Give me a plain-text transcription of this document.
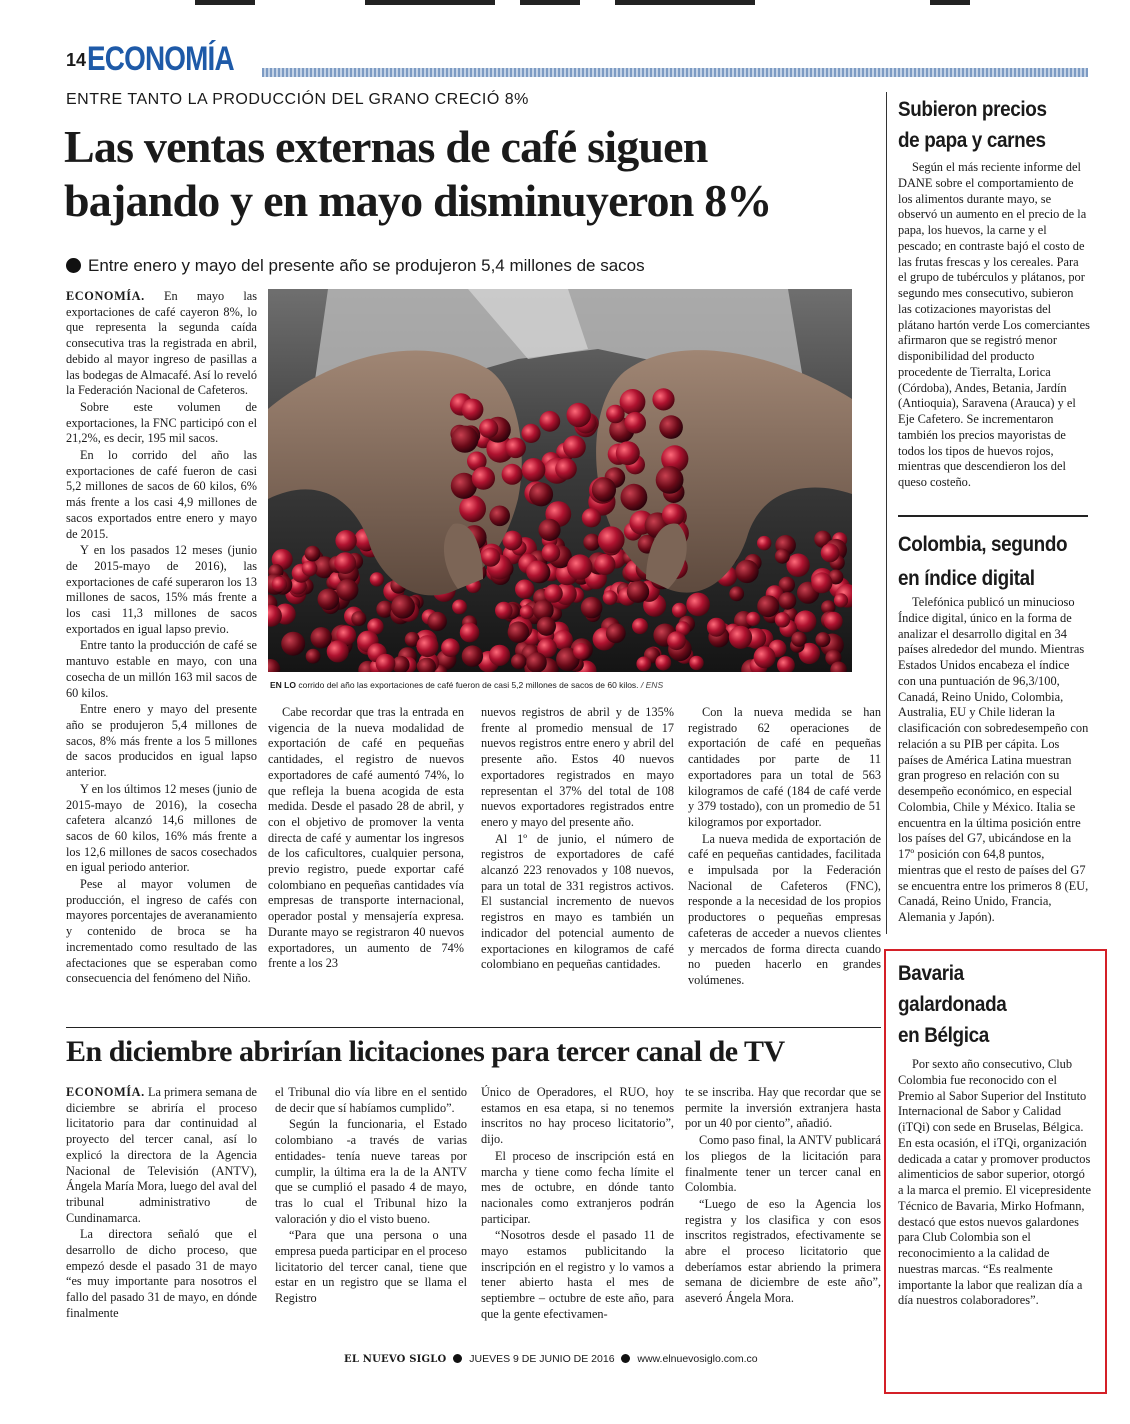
14 ECONOMÍA
ENTRE TANTO LA PRODUCCIÓN DEL GRANO CRECIÓ 8%
Las ventas externas de café siguen
bajando y en mayo disminuyeron 8%
Entre enero y mayo del presente año se produjeron 5,4 millones de sacos

ECONOMÍA. En mayo las exportaciones de café cayeron 8%, lo que representa la segunda caída consecutiva tras la registrada en abril, debido al mayor ingreso de pasillas a las bodegas de Almacafé. Así lo reveló la Federación Nacional de Cafeteros.

Sobre este volumen de exportaciones, la FNC participó con el 21,2%, es decir, 195 mil sacos.

En lo corrido del año las exportaciones de café fueron de casi 5,2 millones de sacos de 60 kilos, 6% más frente a los casi 4,9 millones de sacos exportados entre enero y mayo de 2015.

Y en los pasados 12 meses (junio de 2015-mayo de 2016), las exportaciones de café superaron los 13 millones de sacos, 15% más frente a los casi 11,3 millones de sacos exportados en igual lapso previo.

Entre tanto la producción de café se mantuvo estable en mayo, con una cosecha de un millón 163 mil sacos de 60 kilos.

Entre enero y mayo del presente año se produjeron 5,4 millones de sacos, 8% más frente a los 5 millones de sacos producidos en igual lapso anterior.

Y en los últimos 12 meses (junio de 2015-mayo de 2016), la cosecha cafetera alcanzó 14,6 millones de sacos de 60 kilos, 16% más frente a los 12,6 millones de sacos cosechados en igual periodo anterior.

Pese al mayor volumen de producción, el ingreso de cafés con mayores porcentajes de averanamiento y contenido de broca se ha incrementado como resultado de las afectaciones que se esperaban como consecuencia del fenómeno del Niño.

EN LO corrido del año las exportaciones de café fueron de casi 5,2 millones de sacos de 60 kilos. / ENS

Cabe recordar que tras la entrada en vigencia de la nueva modalidad de exportación de café en pequeñas cantidades, el registro de nuevos exportadores de café aumentó 74%, lo que refleja la buena acogida de esta medida. Desde el pasado 28 de abril, y con el objetivo de promover la venta directa de café y aumentar los ingresos de los caficultores, cualquier persona, previo registro, puede exportar café colombiano en pequeñas cantidades vía empresas de transporte internacional, operador postal y mensajería expresa. Durante mayo se registraron 40 nuevos exportadores, un aumento de 74% frente a los 23

nuevos registros de abril y de 135% frente al promedio mensual de 17 nuevos registros entre enero y abril del presente año. Estos 40 nuevos exportadores registrados en mayo representan el 37% del total de 108 nuevos exportadores registrados entre enero y mayo del presente año.

Al 1º de junio, el número de registros de exportadores de café alcanzó 223 renovados y 108 nuevos, para un total de 331 registros activos. El sustancial incremento de nuevos registros en mayo es también un indicador del potencial aumento de exportaciones en kilogramos de café colombiano en pequeñas cantidades.

Con la nueva medida se han registrado 62 operaciones de exportación de café en pequeñas cantidades por parte de 11 exportadores para un total de 563 kilogramos de café (184 de café verde y 379 tostado), con un promedio de 51 kilogramos por exportador.

La nueva medida de exportación de café en pequeñas cantidades, facilitada e impulsada por la Federación Nacional de Cafeteros (FNC), responde a la necesidad de los propios productores o pequeñas empresas cafeteras de acceder a nuevos clientes y mercados de forma directa cuando no pueden hacerlo en grandes volúmenes.

En diciembre abrirían licitaciones para tercer canal de TV

ECONOMÍA. La primera semana de diciembre se abriría el proceso licitatorio para dar continuidad al proyecto del tercer canal, así lo explicó la directora de la Agencia Nacional de Televisión (ANTV), Ángela María Mora, luego del aval del tribunal administrativo de Cundinamarca.

La directora señaló que el desarrollo de dicho proceso, que empezó desde el pasado 31 de mayo “es muy importante para nosotros el fallo del pasado 31 de mayo, en dónde finalmente

el Tribunal dio vía libre en el sentido de decir que sí habíamos cumplido”.

Según la funcionaria, el Estado colombiano -a través de varias entidades- tenía nueve tareas por cumplir, la última era la de la ANTV que se cumplió el pasado 4 de mayo, tras lo cual el Tribunal hizo la valoración y dio el visto bueno.

“Para que una persona o una empresa pueda participar en el proceso licitatorio del tercer canal, tiene que estar en un registro que se llama el Registro

Único de Operadores, el RUO, hoy estamos en esa etapa, si no tenemos inscritos no hay proceso licitatorio”, dijo.

El proceso de inscripción está en marcha y tiene como fecha límite el mes de octubre, en dónde tanto nacionales como extranjeros podrán participar.

“Nosotros desde el pasado 11 de mayo estamos publicitando la inscripción en el registro y lo vamos a tener abierto hasta el mes de septiembre – octubre de este año, para que la gente efectivamen-

te se inscriba. Hay que recordar que se permite la inversión extranjera hasta por un 40 por ciento”, añadió.

Como paso final, la ANTV publicará los pliegos de la licitación para finalmente tener un tercer canal en Colombia.

“Luego de eso la Agencia los registra y los clasifica y con esos inscritos registrados, efectivamente se abre el proceso licitatorio que deberíamos estar abriendo la primera semana de diciembre de este año”, aseveró Ángela Mora.

Subieron precios
de papa y carnes

Según el más reciente informe del DANE sobre el comportamiento de los alimentos durante mayo, se observó un aumento en el precio de la papa, los huevos, la carne y el pescado; en contraste bajó el costo de las frutas frescas y los cereales. Para el grupo de tubérculos y plátanos, por segundo mes consecutivo, subieron las cotizaciones mayoristas del plátano hartón verde Los comerciantes afirmaron que se registró menor disponibilidad del producto procedente de Tierralta, Lorica (Córdoba), Andes, Betania, Jardín (Antioquia), Saravena (Arauca) y el Eje Cafetero. Se incrementaron también los precios mayoristas de todos los tipos de huevos rojos, mientras que descendieron los del queso costeño.

Colombia, segundo
en índice digital

Telefónica publicó un minucioso Índice digital, único en la forma de analizar el desarrollo digital en 34 países alrededor del mundo. Mientras Estados Unidos encabeza el índice con una puntuación de 96,3/100, Canadá, Reino Unido, Colombia, Australia, EU y Chile lideran la clasificación con sobredesempeño con relación a su PIB per cápita. Los países de América Latina muestran gran progreso en relación con su desempeño económico, en especial Colombia, Chile y México. Italia se encuentra en la última posición entre los países del G7, ubicándose en la 17º posición con 64,8 puntos, mientras que el resto de países del G7 se encuentra entre los primeros 8 (EU, Canadá, Reino Unido, Francia, Alemania y Japón).

Bavaria
galardonada
en Bélgica

Por sexto año consecutivo, Club Colombia fue reconocido con el Premio al Sabor Superior del Instituto Internacional de Sabor y Calidad (iTQi) con sede en Bruselas, Bélgica. En esta ocasión, el iTQi, organización dedicada a catar y promover productos alimenticios de sabor superior, otorgó a la marca el premio. El vicepresidente Técnico de Bavaria, Mirko Hofmann, destacó que estos nuevos galardones para Club Colombia son el reconocimiento a la calidad de nuestras marcas. “Es realmente importante la labor que realizan día a día nuestros colaboradores”.

EL NUEVO SIGLO JUEVES 9 DE JUNIO DE 2016 www.elnuevosiglo.com.co
